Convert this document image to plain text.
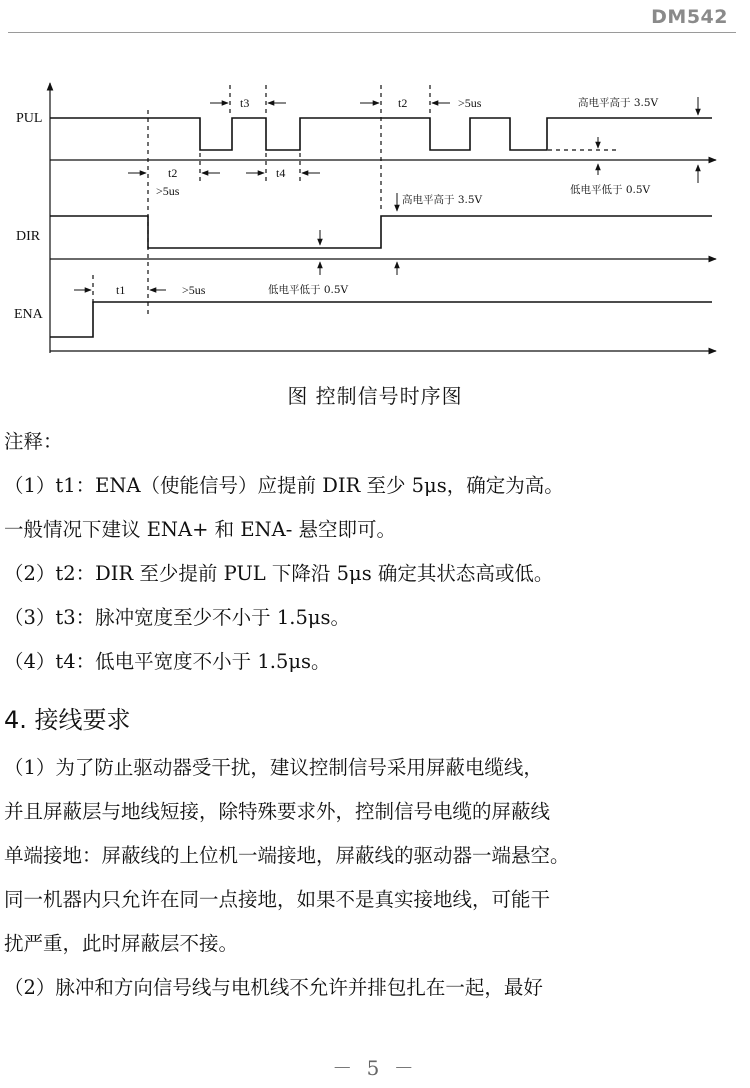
DM542
PUL
DIR
ENA
t3	t2	>5us
t2
>5us
t4
t1	>5us
高电平高于 3.5V
低电平低于 0.5V
高电平高于 3.5V
低电平低于 0.5V
图 控制信号时序图
注释：
（1）t1：ENA（使能信号）应提前 DIR 至少 5μs，确定为高。
一般情况下建议 ENA+ 和 ENA- 悬空即可。
（2）t2：DIR 至少提前 PUL 下降沿 5μs 确定其状态高或低。
（3）t3：脉冲宽度至少不小于 1.5μs。
（4）t4：低电平宽度不小于 1.5μs。
4. 接线要求
（1）为了防止驱动器受干扰，建议控制信号采用屏蔽电缆线，
并且屏蔽层与地线短接，除特殊要求外，控制信号电缆的屏蔽线
单端接地：屏蔽线的上位机一端接地，屏蔽线的驱动器一端悬空。
同一机器内只允许在同一点接地，如果不是真实接地线，可能干
扰严重，此时屏蔽层不接。
（2）脉冲和方向信号线与电机线不允许并排包扎在一起，最好
－ 5 －
